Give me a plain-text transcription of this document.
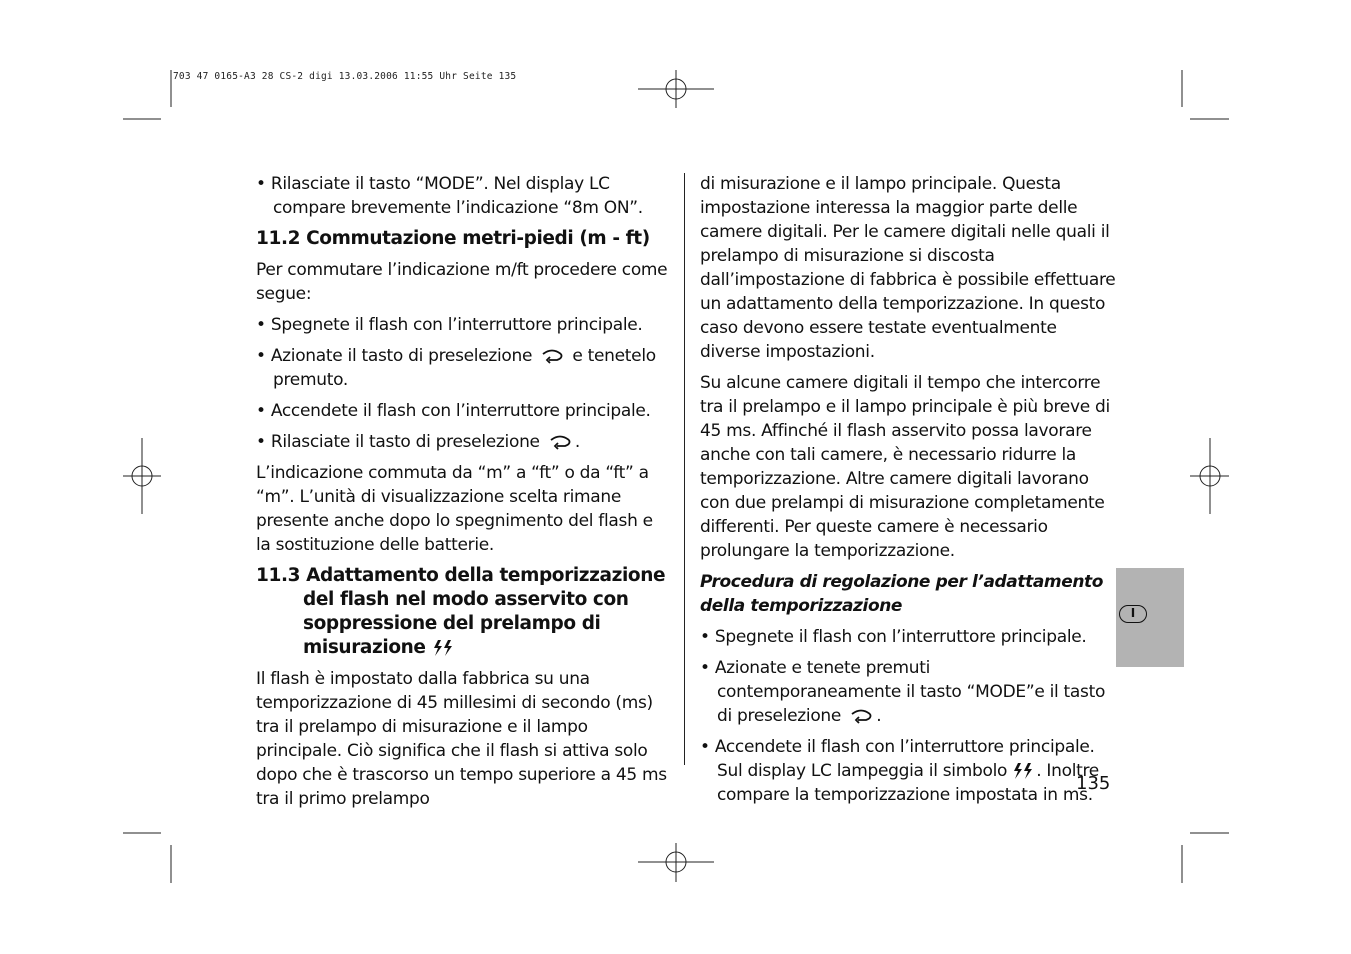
703 47 0165-A3 28 CS-2 digi 13.03.2006 11:55 Uhr Seite 135

• Rilasciate il tasto “MODE”. Nel display LC compare brevemente l’indicazione “8m ON”.

11.2 Commutazione metri-piedi (m - ft)

Per commutare l’indicazione m/ft procedere come segue:

• Spegnete il flash con l’interruttore principale.

• Azionate il tasto di preselezione e tenetelo premuto.

• Accendete il flash con l’interruttore principale.

• Rilasciate il tasto di preselezione .

L’indicazione commuta da “m” a “ft” o da “ft” a “m”. L’unità di visualizzazione scelta rimane presente anche dopo lo spegnimento del flash e la sostituzione delle batterie.

11.3 Adattamento della temporizzazione del flash nel modo asservito con soppressione del prelampo di misurazione

Il flash è impostato dalla fabbrica su una temporizzazione di 45 millesimi di secondo (ms) tra il prelampo di misurazione e il lampo principale. Ciò significa che il flash si attiva solo dopo che è trascorso un tempo superiore a 45 ms tra il primo prelampo

di misurazione e il lampo principale. Questa impostazione interessa la maggior parte delle camere digitali. Per le camere digitali nelle quali il prelampo di misurazione si discosta dall’impostazione di fabbrica è possibile effettuare un adattamento della temporizzazione. In questo caso devono essere testate eventualmente diverse impostazioni.

Su alcune camere digitali il tempo che intercorre tra il prelampo e il lampo principale è più breve di 45 ms. Affinché il flash asservito possa lavorare anche con tali camere, è necessario ridurre la temporizzazione. Altre camere digitali lavorano con due prelampi di misurazione completamente differenti. Per queste camere è necessario prolungare la temporizzazione.

Procedura di regolazione per l’adattamento della temporizzazione

• Spegnete il flash con l’interruttore principale.

• Azionate e tenete premuti contemporaneamente il tasto “MODE”e il tasto di preselezione .

• Accendete il flash con l’interruttore principale. Sul display LC lampeggia il simbolo . Inoltre compare la temporizzazione impostata in ms.

I
135
